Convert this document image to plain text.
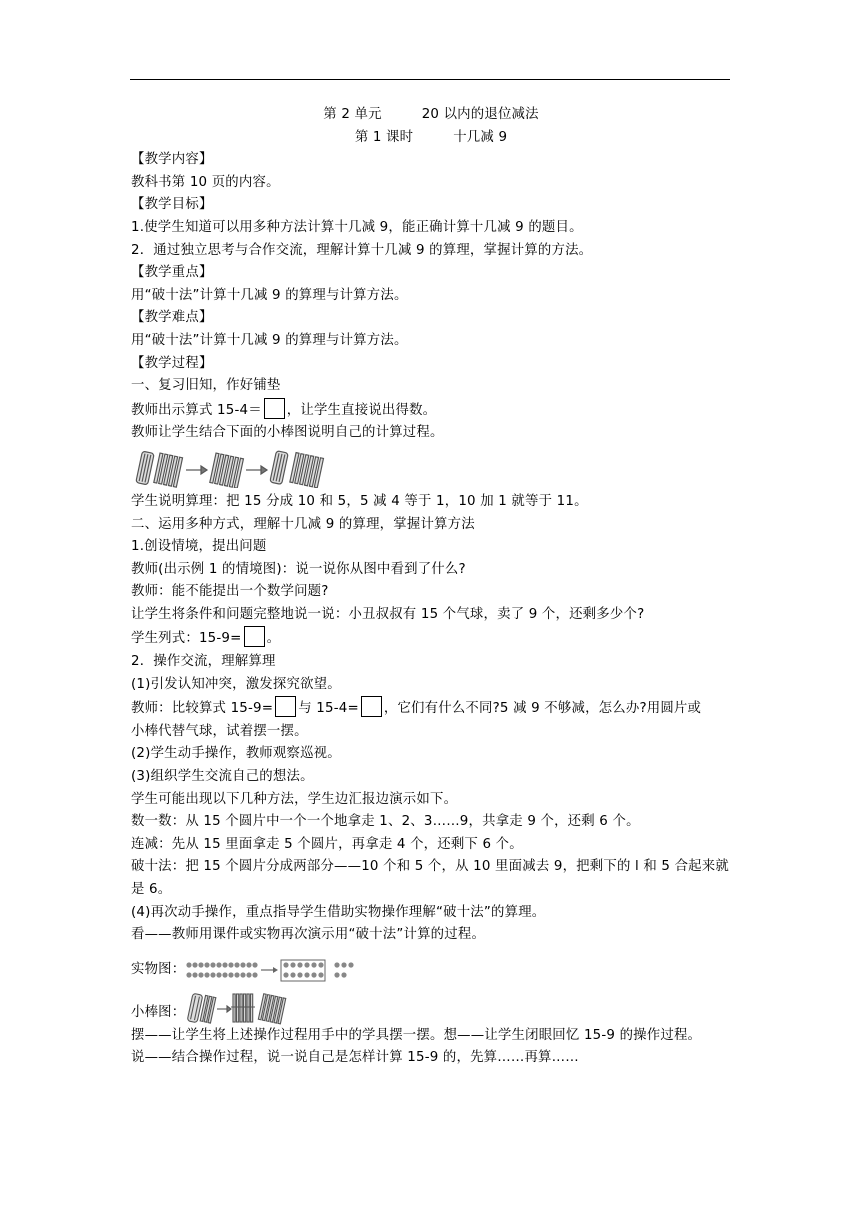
第 2 单元	20 以内的退位减法
第 1 课时	十几减 9
【教学内容】
教科书第 10 页的内容。
【教学目标】
1.使学生知道可以用多种方法计算十几减 9，能正确计算十几减 9 的题目。
2．通过独立思考与合作交流，理解计算十几减 9 的算理，掌握计算的方法。
【教学重点】
用“破十法”计算十几减 9 的算理与计算方法。
【教学难点】
用“破十法”计算十几减 9 的算理与计算方法。
【教学过程】
一、复习旧知，作好铺垫
教师出示算式 15-4＝ ，让学生直接说出得数。
教师让学生结合下面的小棒图说明自己的计算过程。
学生说明算理：把 15 分成 10 和 5，5 减 4 等于 1，10 加 1 就等于 11。
二、运用多种方式，理解十几减 9 的算理，掌握计算方法
1.创设情境，提出问题
教师(出示例 1 的情境图)：说一说你从图中看到了什么?
教师：能不能提出一个数学问题?
让学生将条件和问题完整地说一说：小丑叔叔有 15 个气球，卖了 9 个，还剩多少个?
学生列式：15-9= 。
2．操作交流，理解算理
(1)引发认知冲突，激发探究欲望。
教师：比较算式 15-9= 与 15-4= ，它们有什么不同?5 减 9 不够减，怎么办?用圆片或
小棒代替气球，试着摆一摆。
(2)学生动手操作，教师观察巡视。
(3)组织学生交流自己的想法。
学生可能出现以下几种方法，学生边汇报边演示如下。
数一数：从 15 个圆片中一个一个地拿走 1、2、3……9，共拿走 9 个，还剩 6 个。
连减：先从 15 里面拿走 5 个圆片，再拿走 4 个，还剩下 6 个。
破十法：把 15 个圆片分成两部分——10 个和 5 个，从 10 里面减去 9，把剩下的 l 和 5 合起来就是 6。
(4)再次动手操作，重点指导学生借助实物操作理解“破十法”的算理。
看——教师用课件或实物再次演示用“破十法”计算的过程。
实物图：
小棒图：
摆——让学生将上述操作过程用手中的学具摆一摆。想——让学生闭眼回忆 15-9 的操作过程。
说——结合操作过程，说一说自己是怎样计算 15-9 的，先算……再算……
